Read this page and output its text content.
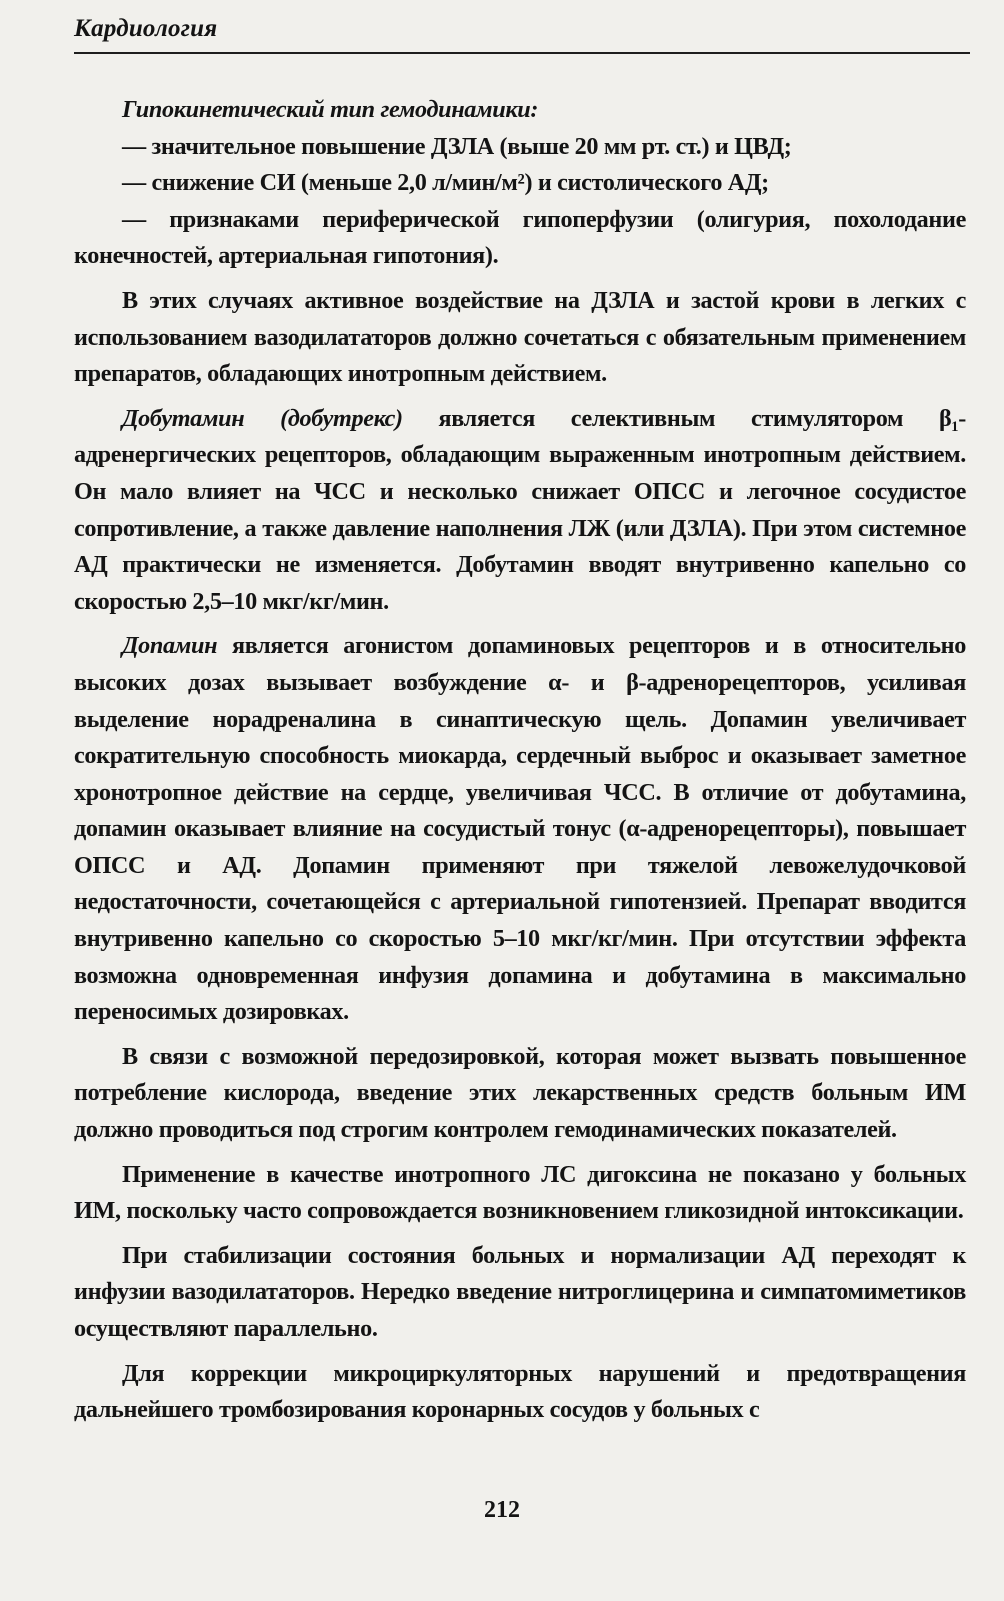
Кардиология

Гипокинетический тип гемодинамики:

— значительное повышение ДЗЛА (выше 20 мм рт. ст.) и ЦВД;

— снижение СИ (меньше 2,0 л/мин/м²) и систолического АД;

— признаками периферической гипоперфузии (олигурия, похолодание конечностей, артериальная гипотония).

В этих случаях активное воздействие на ДЗЛА и застой крови в легких с использованием вазодилататоров должно сочетаться с обязательным применением препаратов, обладающих инотропным действием.

Добутамин (добутрекс) является селективным стимулятором β₁-адренергических рецепторов, обладающим выраженным инотропным действием. Он мало влияет на ЧСС и несколько снижает ОПСС и легочное сосудистое сопротивление, а также давление наполнения ЛЖ (или ДЗЛА). При этом системное АД практически не изменяется. Добутамин вводят внутривенно капельно со скоростью 2,5–10 мкг/кг/мин.

Допамин является агонистом допаминовых рецепторов и в относительно высоких дозах вызывает возбуждение α- и β-адренорецепторов, усиливая выделение норадреналина в синаптическую щель. Допамин увеличивает сократительную способность миокарда, сердечный выброс и оказывает заметное хронотропное действие на сердце, увеличивая ЧСС. В отличие от добутамина, допамин оказывает влияние на сосудистый тонус (α-адренорецепторы), повышает ОПСС и АД. Допамин применяют при тяжелой левожелудочковой недостаточности, сочетающейся с артериальной гипотензией. Препарат вводится внутривенно капельно со скоростью 5–10 мкг/кг/мин. При отсутствии эффекта возможна одновременная инфузия допамина и добутамина в максимально переносимых дозировках.

В связи с возможной передозировкой, которая может вызвать повышенное потребление кислорода, введение этих лекарственных средств больным ИМ должно проводиться под строгим контролем гемодинамических показателей.

Применение в качестве инотропного ЛС дигоксина не показано у больных ИМ, поскольку часто сопровождается возникновением гликозидной интоксикации.

При стабилизации состояния больных и нормализации АД переходят к инфузии вазодилататоров. Нередко введение нитроглицерина и симпатомиметиков осуществляют параллельно.

Для коррекции микроциркуляторных нарушений и предотвращения дальнейшего тромбозирования коронарных сосудов у больных с

212
